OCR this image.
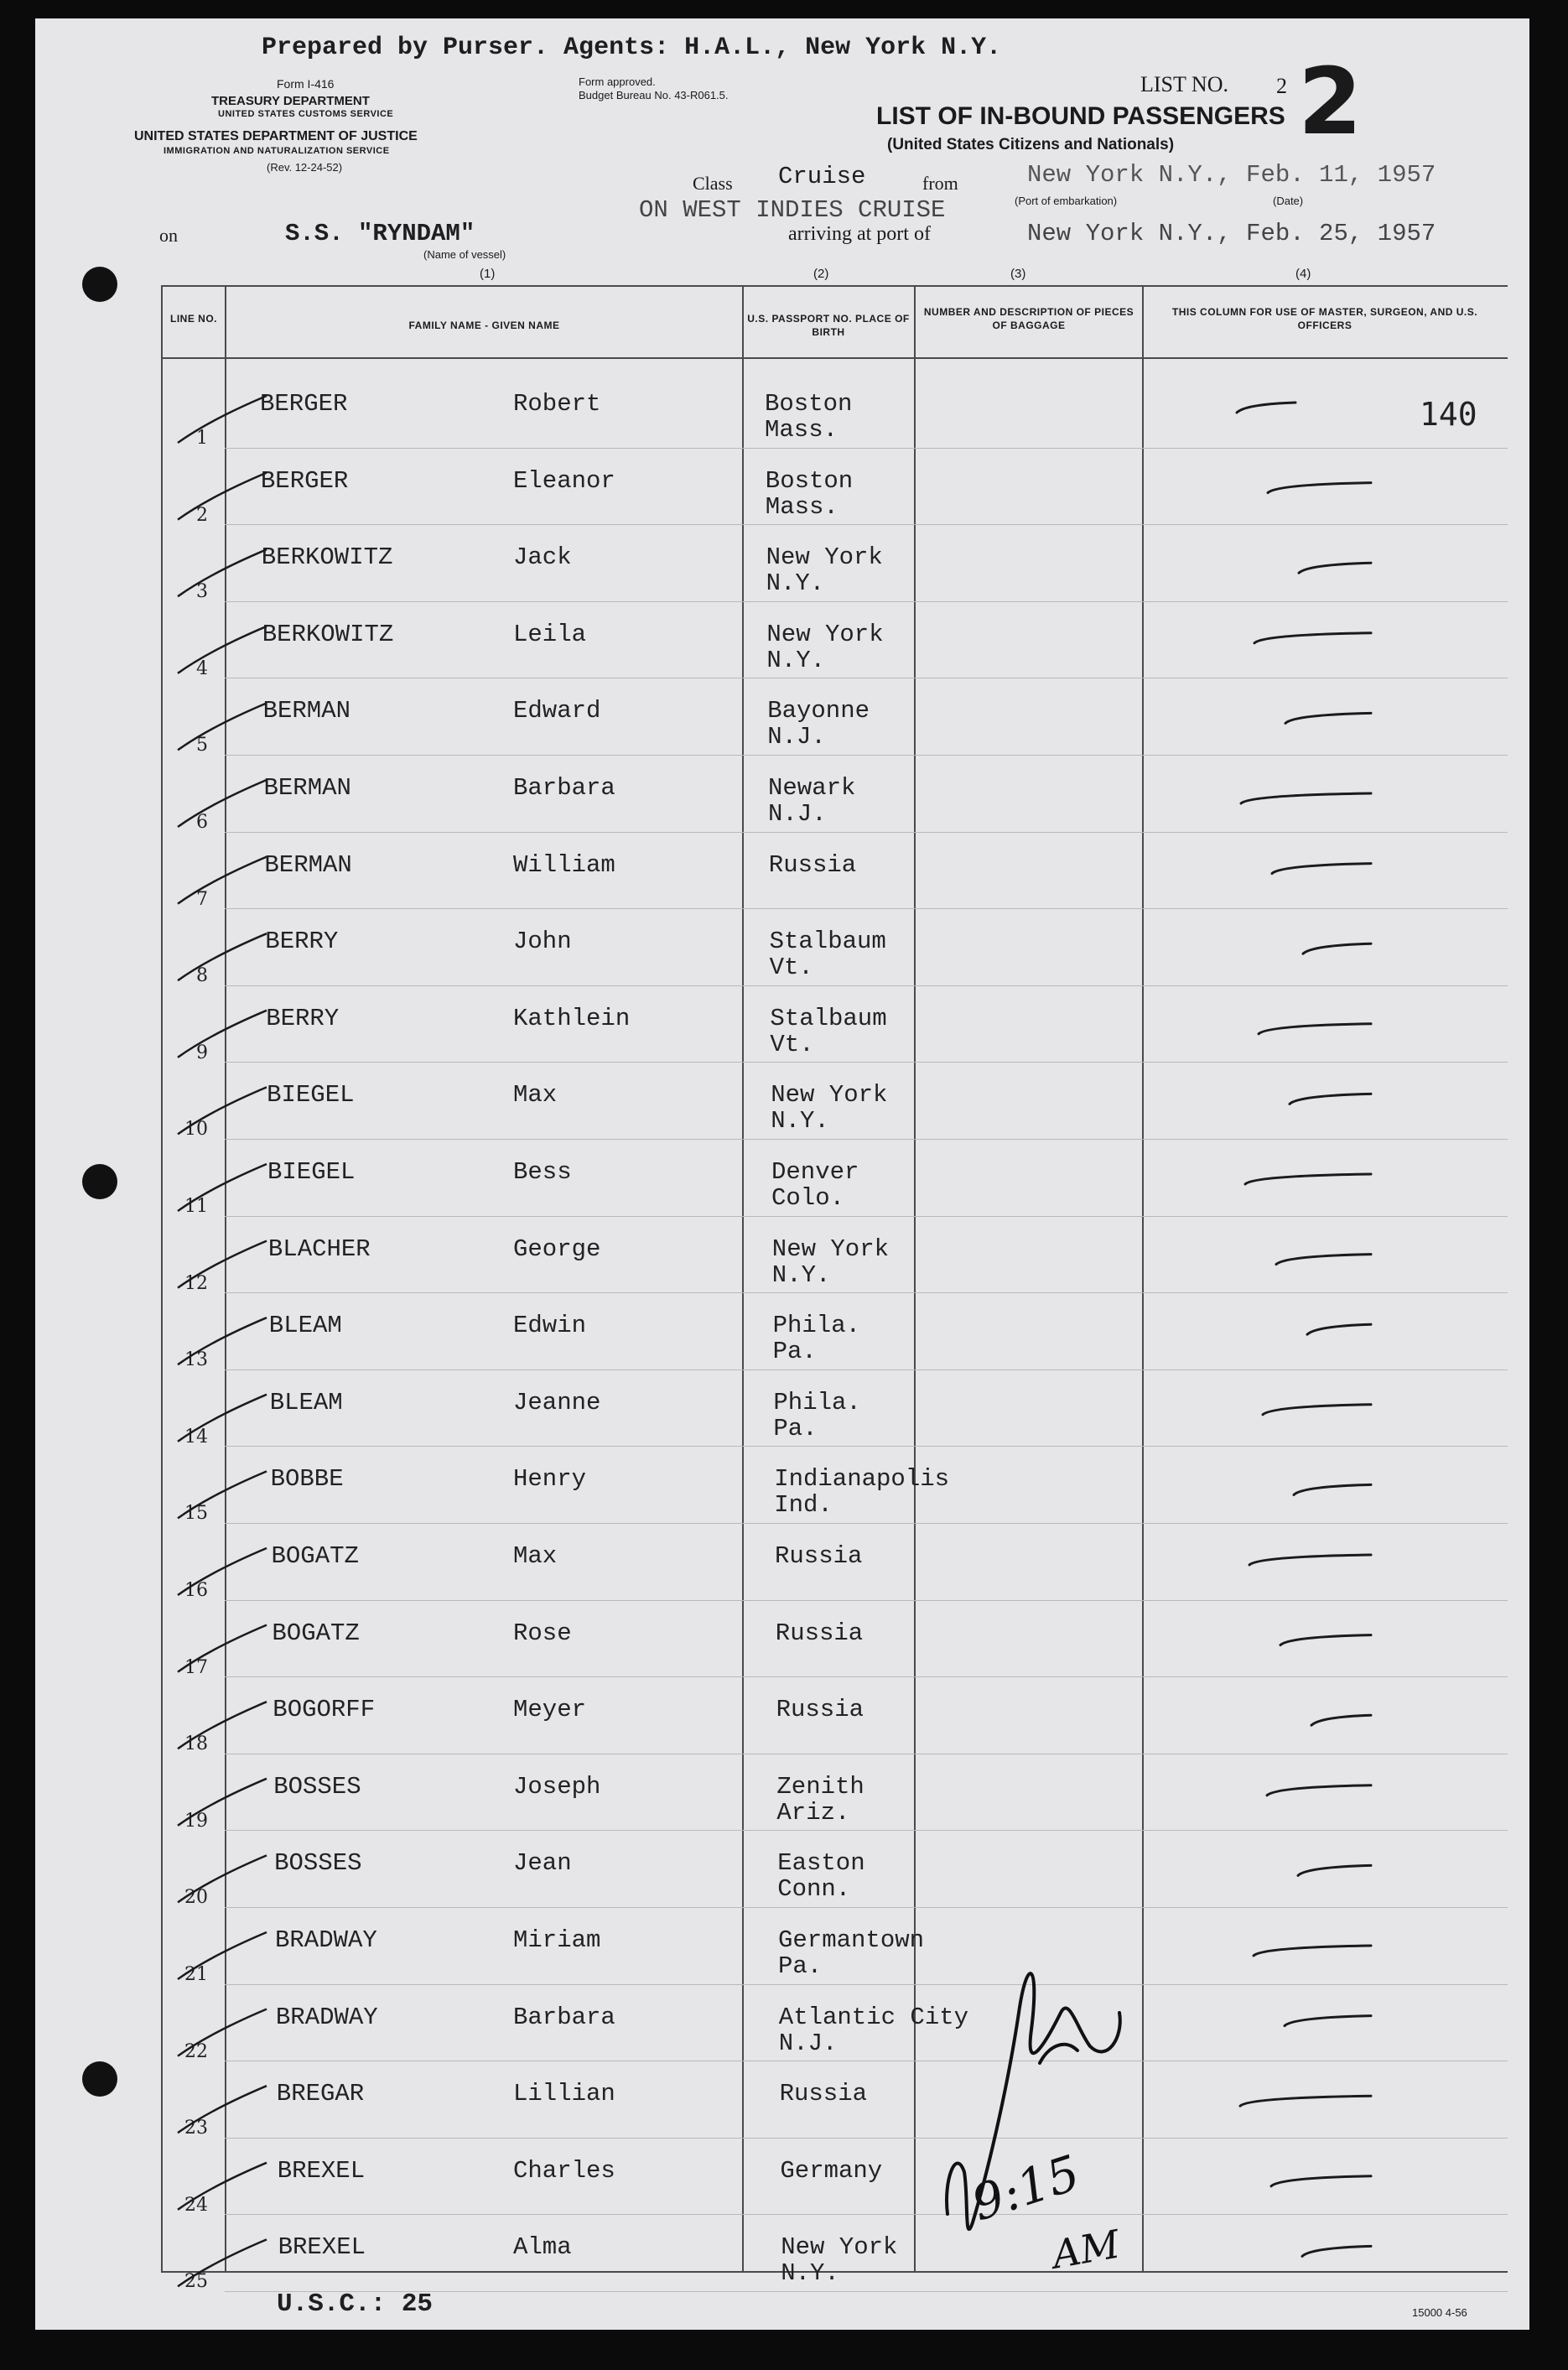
Prepared by Purser. Agents: H.A.L., New York N.Y.
Form I-416
TREASURY DEPARTMENT
UNITED STATES CUSTOMS SERVICE
UNITED STATES DEPARTMENT OF JUSTICE
IMMIGRATION AND NATURALIZATION SERVICE
(Rev. 12-24-52)
Form approved.
Budget Bureau No. 43-R061.5.	LIST NO. 2 2
LIST OF IN-BOUND PASSENGERS
(United States Citizens and Nationals)
Class Cruise	from	New York N.Y., Feb. 11, 1957
(Port of embarkation)	(Date)
ON WEST INDIES CRUISE
on	S.S. "RYNDAM"
(Name of vessel)
arriving at port of	New York N.Y., Feb. 25, 1957
(1)	(2)	(3)	(4)
LINE NO.
FAMILY NAME - GIVEN NAME
U.S. PASSPORT NO. PLACE OF BIRTH
NUMBER AND DESCRIPTION OF PIECES OF BAGGAGE
THIS COLUMN FOR USE OF MASTER, SURGEON, AND U.S. OFFICERS
1
BERGER	Robert	Boston
Mass.
2
BERGER	Eleanor	Boston
Mass.
3
BERKOWITZ	Jack	New York
N.Y.
4
BERKOWITZ	Leila	New York
N.Y.
5
BERMAN	Edward	Bayonne
N.J.
6
BERMAN	Barbara	Newark
N.J.
7
BERMAN	William	Russia
8
BERRY	John	Stalbaum
Vt.
9
BERRY	Kathlein	Stalbaum
Vt.
10
BIEGEL	Max	New York
N.Y.
11
BIEGEL	Bess	Denver
Colo.
12
BLACHER	George	New York
N.Y.
13
BLEAM	Edwin	Phila.
Pa.
14
BLEAM	Jeanne	Phila.
Pa.
15
BOBBE	Henry	Indianapolis
Ind.
16
BOGATZ	Max	Russia
17
BOGATZ	Rose	Russia
18
BOGORFF	Meyer	Russia
19
BOSSES	Joseph	Zenith
Ariz.
20
BOSSES	Jean	Easton
Conn.
21
BRADWAY	Miriam	Germantown
Pa.
22
BRADWAY	Barbara	Atlantic City
N.J.
23
BREGAR	Lillian	Russia
24
BREXEL	Charles	Germany
25
BREXEL	Alma	New York
N.Y.
U.S.C.: 25	15000 4-56
140
9:15
AM
